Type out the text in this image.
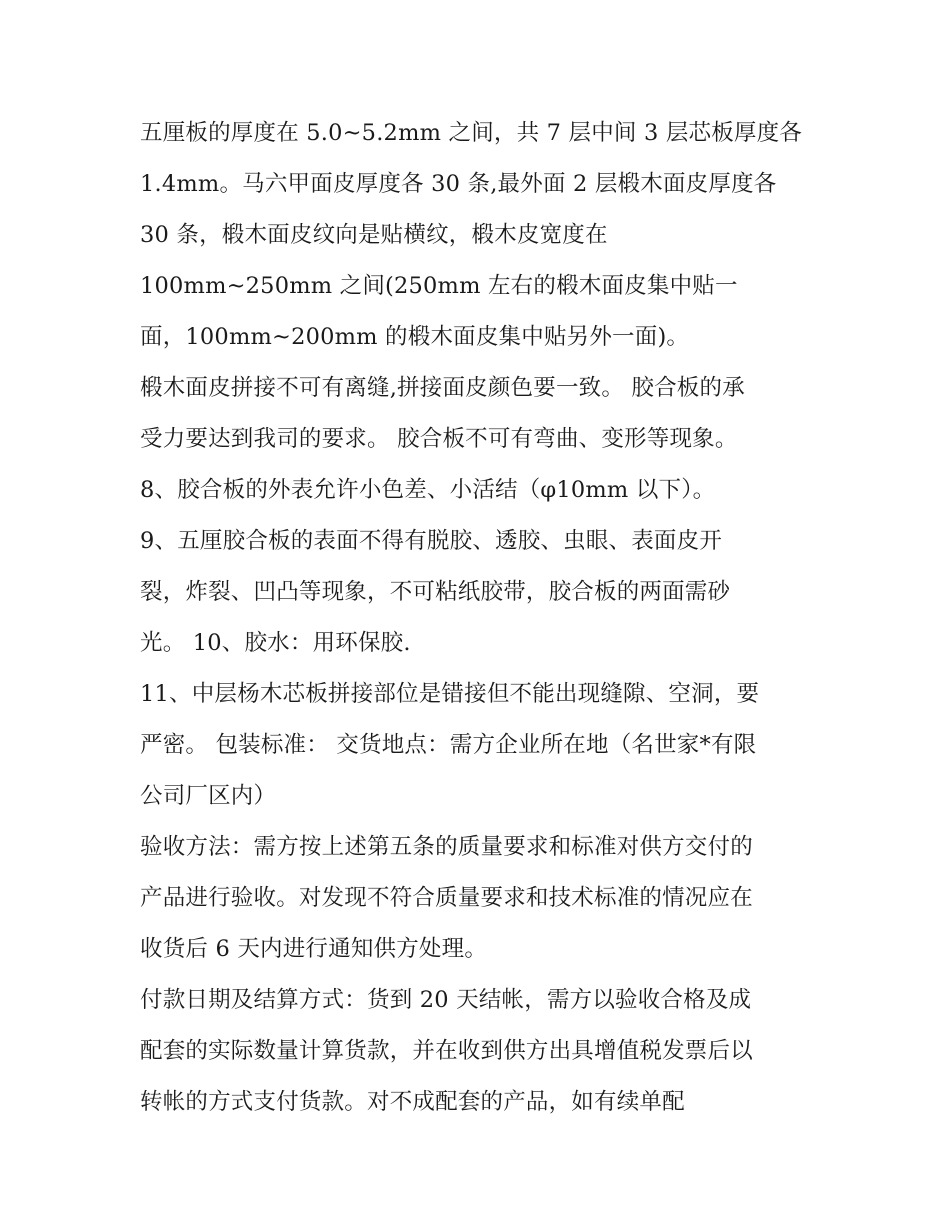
五厘板的厚度在 5.0~5.2mm 之间，共 7 层中间 3 层芯板厚度各
1.4mm。马六甲面皮厚度各 30 条,最外面 2 层椴木面皮厚度各
30 条，椴木面皮纹向是贴横纹，椴木皮宽度在
100mm~250mm 之间(250mm 左右的椴木面皮集中贴一
面，100mm~200mm 的椴木面皮集中贴另外一面)。
椴木面皮拼接不可有离缝,拼接面皮颜色要一致。 胶合板的承
受力要达到我司的要求。 胶合板不可有弯曲、变形等现象。
8、胶合板的外表允许小色差、小活结（φ10mm 以下）。
9、五厘胶合板的表面不得有脱胶、透胶、虫眼、表面皮开
裂，炸裂、凹凸等现象，不可粘纸胶带，胶合板的两面需砂
光。 10、胶水：用环保胶.
11、中层杨木芯板拼接部位是错接但不能出现缝隙、空洞，要
严密。 包装标准： 交货地点：需方企业所在地（名世家*有限
公司厂区内）
验收方法：需方按上述第五条的质量要求和标准对供方交付的
产品进行验收。对发现不符合质量要求和技术标准的情况应在
收货后 6 天内进行通知供方处理。
付款日期及结算方式：货到 20 天结帐，需方以验收合格及成
配套的实际数量计算货款，并在收到供方出具增值税发票后以
转帐的方式支付货款。对不成配套的产品，如有续单配
